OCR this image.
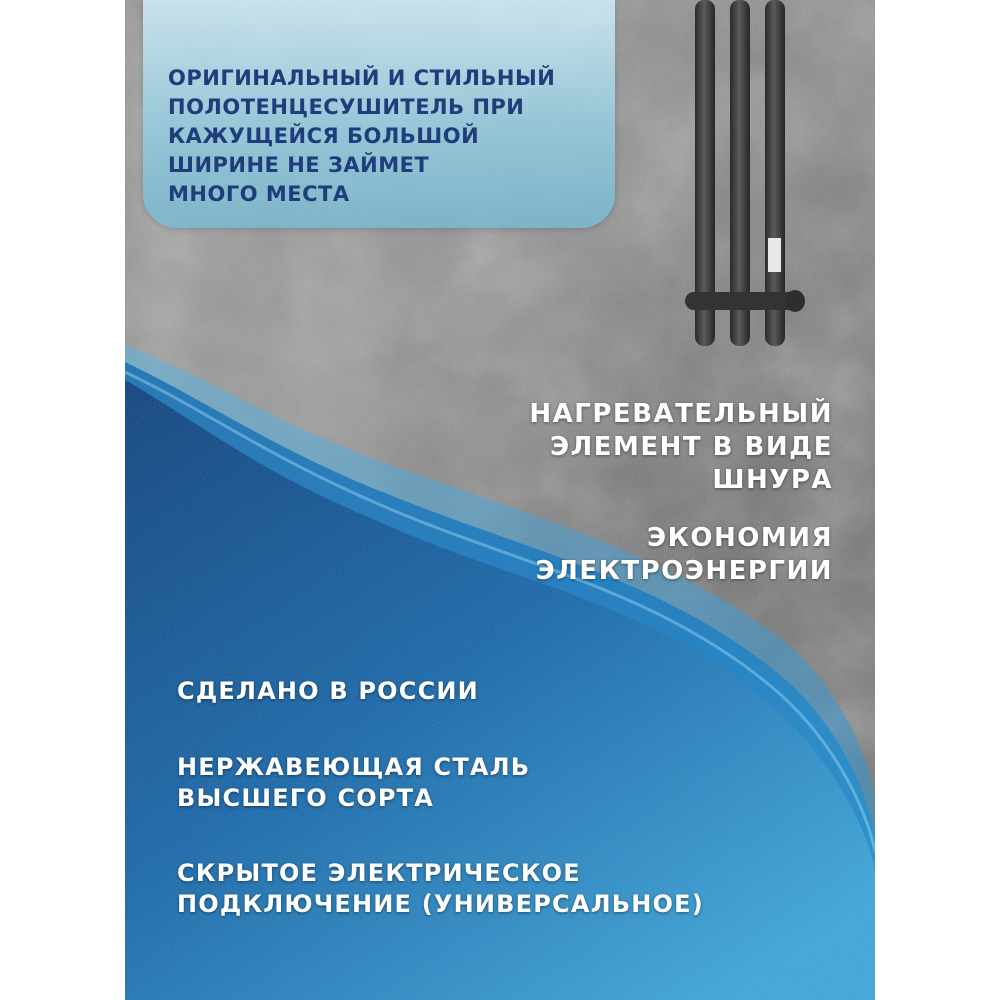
ОРИГИНАЛЬНЫЙ И СТИЛЬНЫЙ
ПОЛОТЕНЦЕСУШИТЕЛЬ ПРИ
КАЖУЩЕЙСЯ БОЛЬШОЙ
ШИРИНЕ НЕ ЗАЙМЕТ
МНОГО МЕСТА

НАГРЕВАТЕЛЬНЫЙ
ЭЛЕМЕНТ В ВИДЕ
ШНУРА

ЭКОНОМИЯ
ЭЛЕКТРОЭНЕРГИИ

СДЕЛАНО В РОССИИ

НЕРЖАВЕЮЩАЯ СТАЛЬ
ВЫСШЕГО СОРТА

СКРЫТОЕ ЭЛЕКТРИЧЕСКОЕ
ПОДКЛЮЧЕНИЕ (УНИВЕРСАЛЬНОЕ)
